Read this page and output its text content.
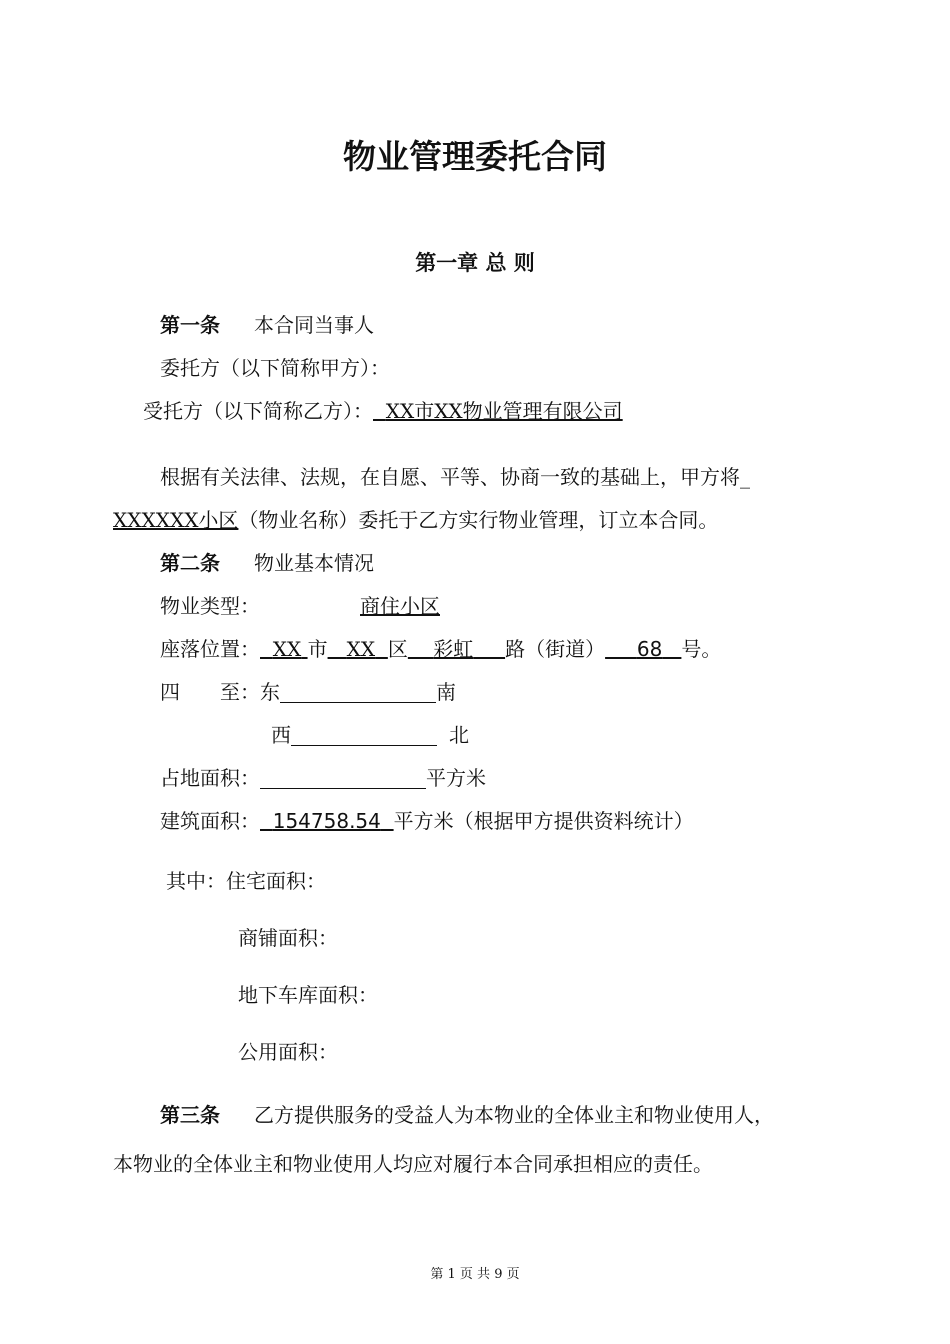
物业管理委托合同
第一章 总 则
第一条 本合同当事人
委托方（以下简称甲方）：
受托方（以下简称乙方）： XX市XX物业管理有限公司
根据有关法律、法规，在自愿、平等、协商一致的基础上，甲方将_
XXXXXX小区（物业名称）委托于乙方实行物业管理，订立本合同。
第二条 物业基本情况
物业类型：	商住小区
座落位置： XX 市 XX 区 彩虹 路（街道） 68 号。
四　　至：东	南
西	北
占地面积：	平方米
建筑面积： 154758.54 平方米（根据甲方提供资料统计）
其中：住宅面积：
商铺面积：
地下车库面积：
公用面积：
第三条 乙方提供服务的受益人为本物业的全体业主和物业使用人，
本物业的全体业主和物业使用人均应对履行本合同承担相应的责任。
第 1 页 共 9 页
